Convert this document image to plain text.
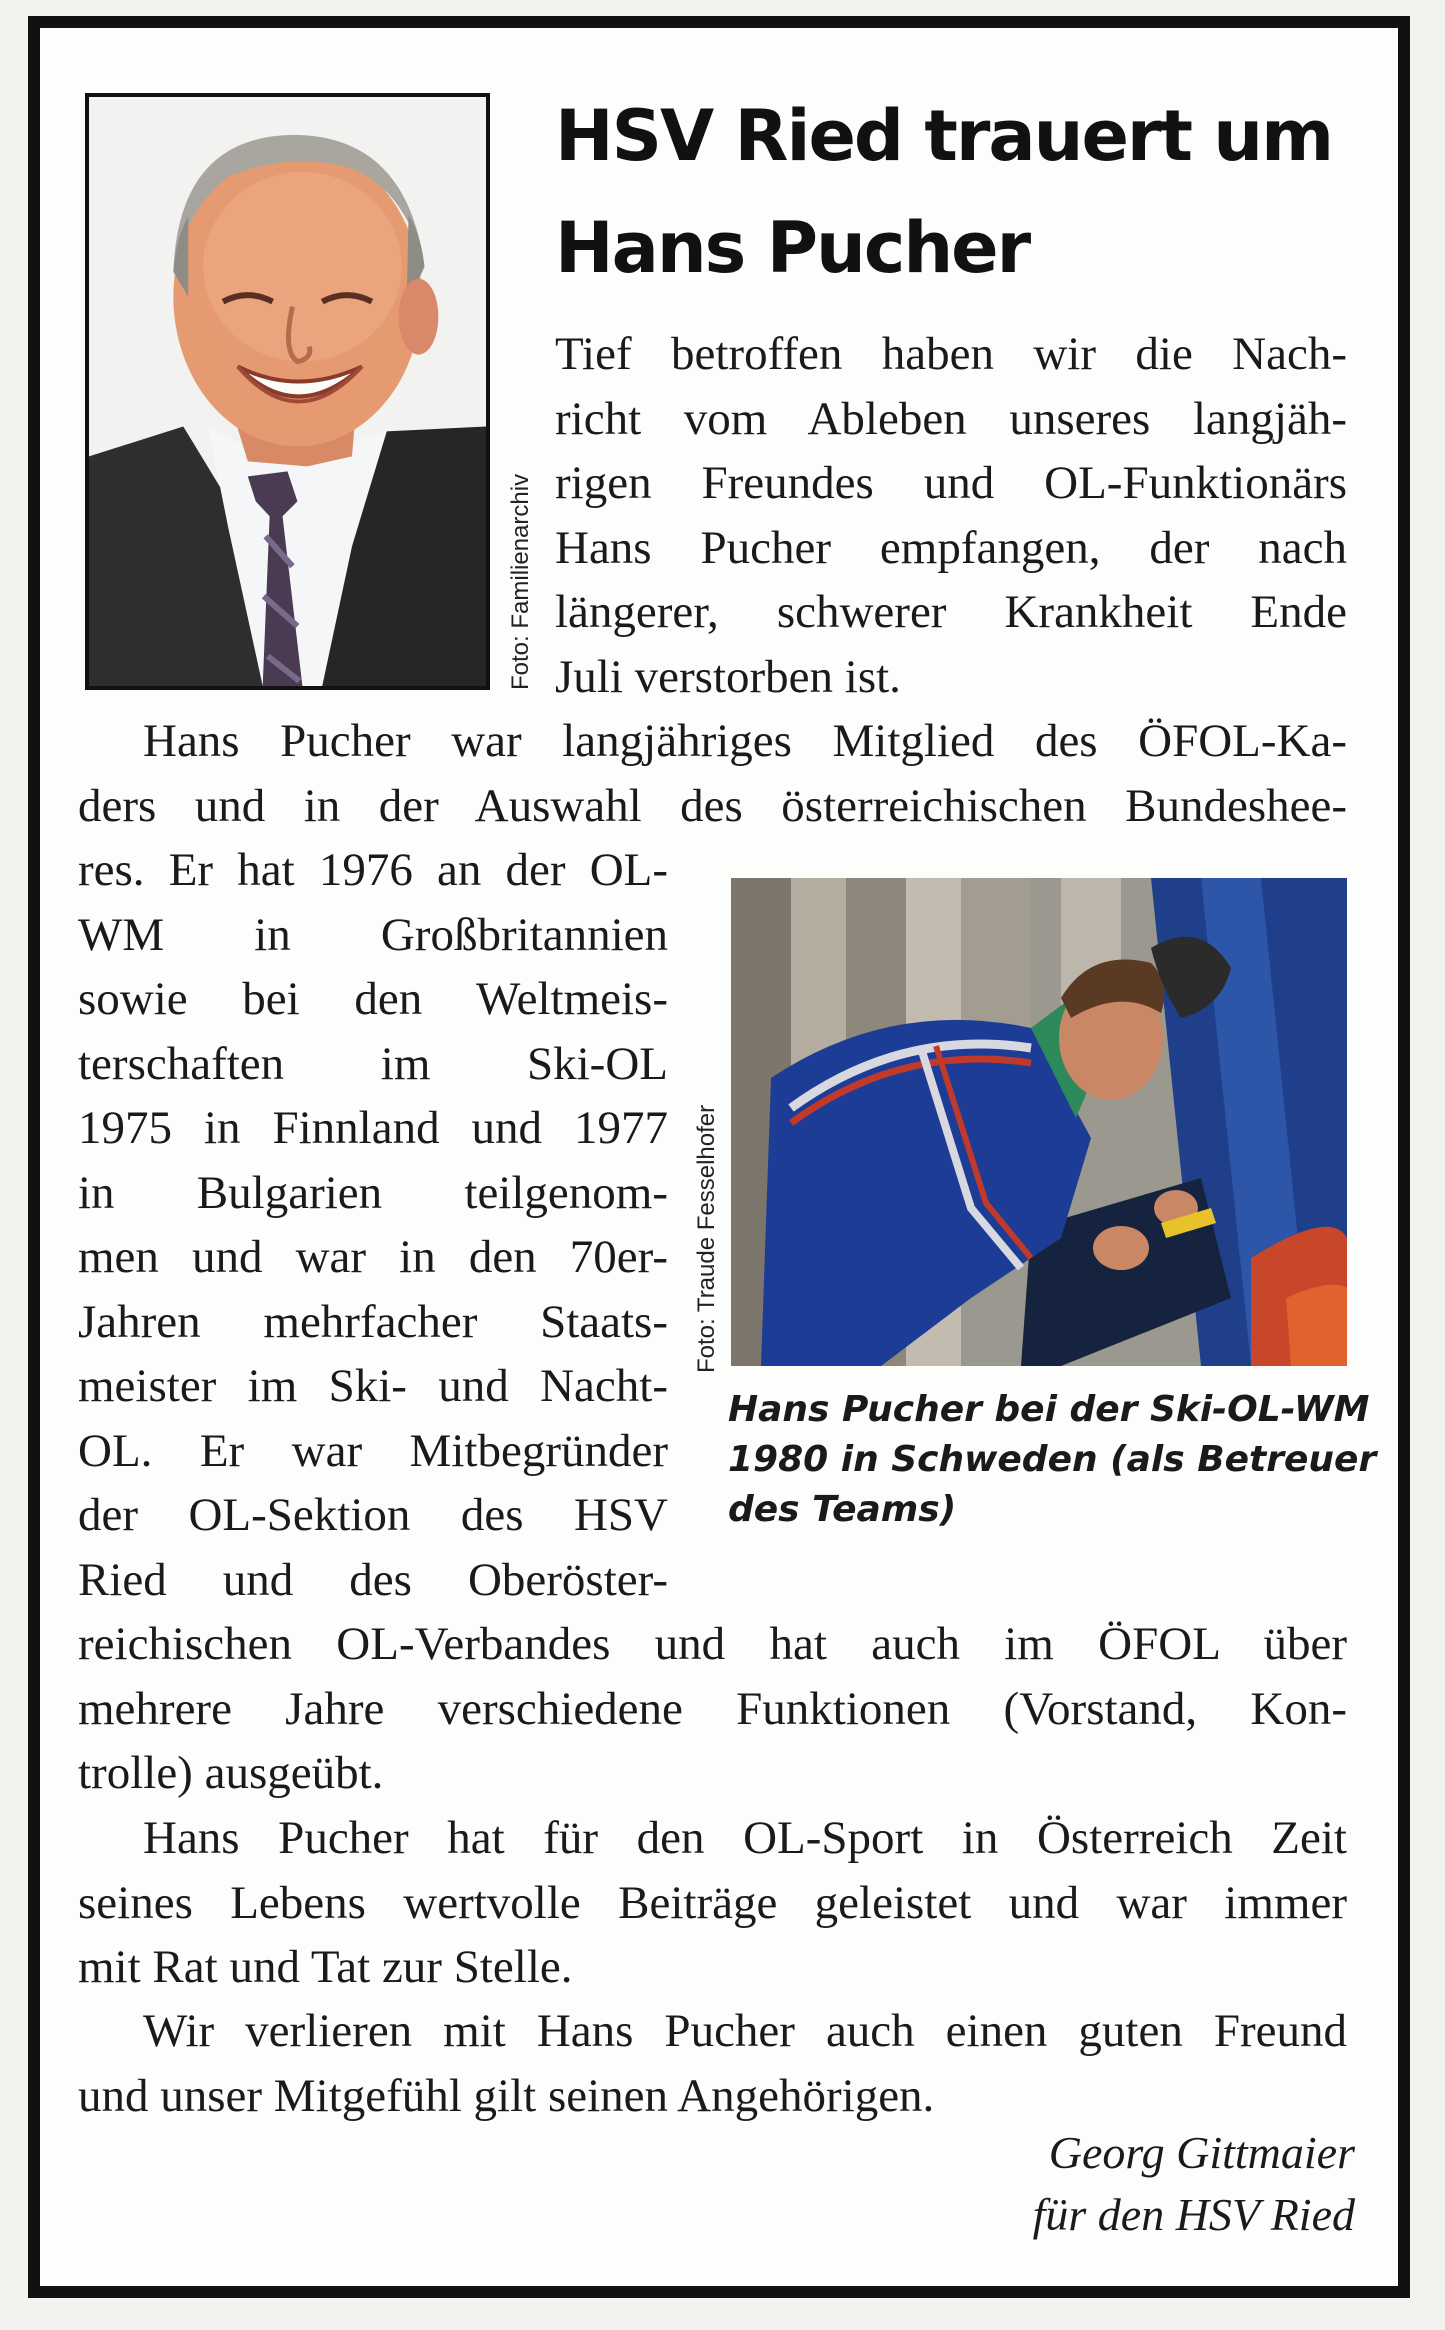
Foto: Familienarchiv
HSV Ried trauert um Hans Pucher

Tief betroffen haben wir die Nach-
richt vom Ableben unseres langjäh-
rigen Freundes und OL-Funktionärs
Hans Pucher empfangen, der nach
längerer, schwerer Krankheit Ende
Juli verstorben ist.

Hans Pucher war langjähriges Mitglied des ÖFOL-Ka-
ders und in der Auswahl des österreichischen Bundeshee-

res. Er hat 1976 an der OL-
WM in Großbritannien
sowie bei den Weltmeis-
terschaften im Ski-OL
1975 in Finnland und 1977
in Bulgarien teilgenom-
men und war in den 70er-
Jahren mehrfacher Staats-
meister im Ski- und Nacht-
OL. Er war Mitbegründer
der OL-Sektion des HSV
Ried und des Oberöster-

Foto: Traude Fesselhofer

Hans Pucher bei der Ski-OL-WM
1980 in Schweden (als Betreuer
des Teams)

reichischen OL-Verbandes und hat auch im ÖFOL über
mehrere Jahre verschiedene Funktionen (Vorstand, Kon-
trolle) ausgeübt.

Hans Pucher hat für den OL-Sport in Österreich Zeit
seines Lebens wertvolle Beiträge geleistet und war immer
mit Rat und Tat zur Stelle.

Wir verlieren mit Hans Pucher auch einen guten Freund
und unser Mitgefühl gilt seinen Angehörigen.

Georg Gittmaier
für den HSV Ried
